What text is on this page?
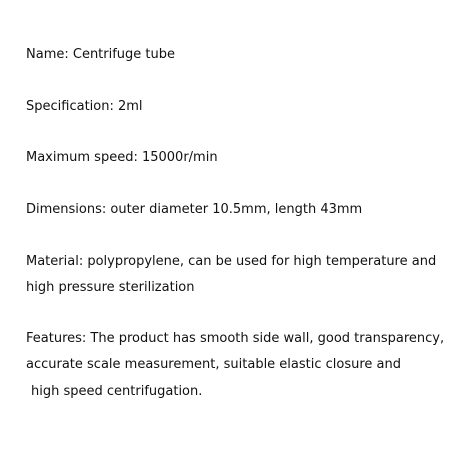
Name: Centrifuge tube
Specification: 2ml
Maximum speed: 15000r/min
Dimensions: outer diameter 10.5mm, length 43mm
Material: polypropylene, can be used for high temperature and
high pressure sterilization
Features: The product has smooth side wall, good transparency,
accurate scale measurement, suitable elastic closure and
high speed centrifugation.
